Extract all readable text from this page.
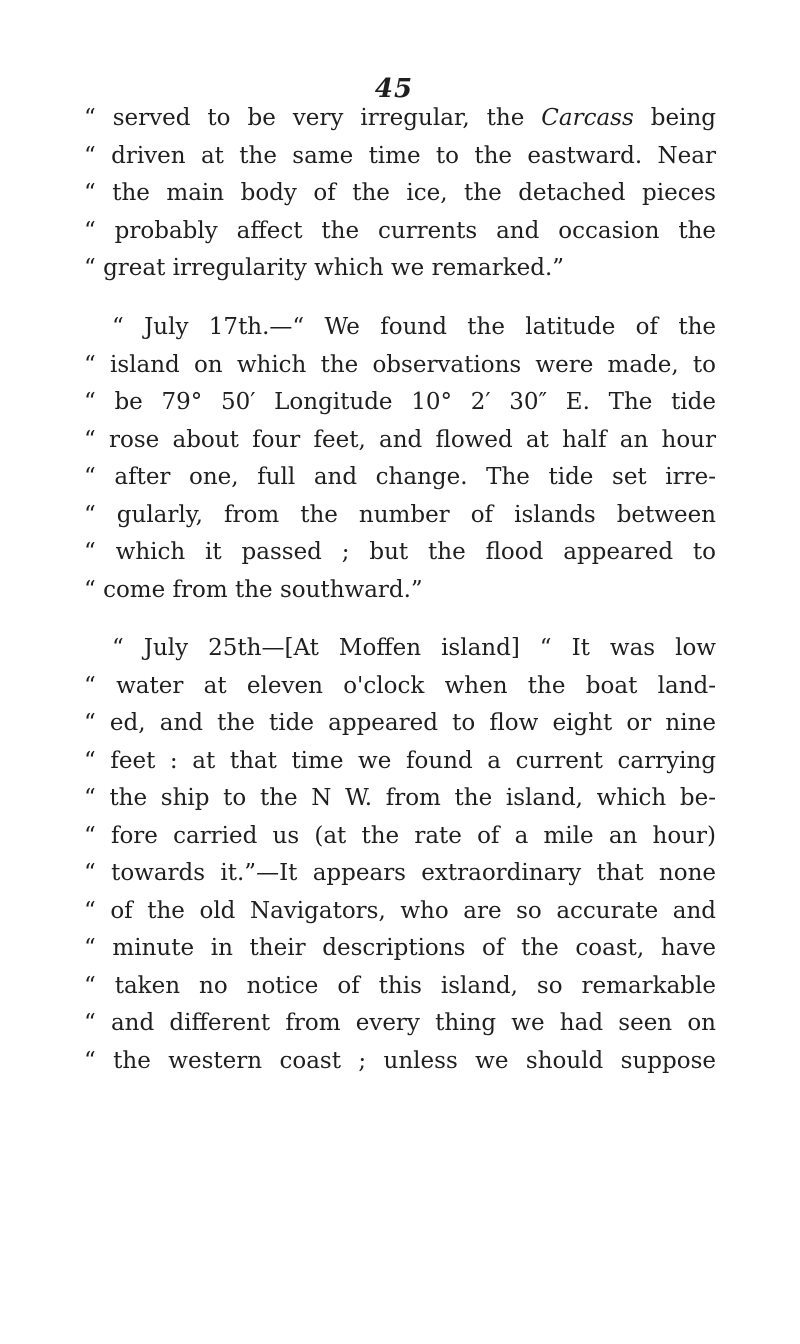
45
“ served to be very irregular, the Carcass being
“ driven at the same time to the eastward. Near
“ the main body of the ice, the detached pieces
“ probably affect the currents and occasion the
“ great irregularity which we remarked.”
“ July 17th.—“ We found the latitude of the
“ island on which the observations were made, to
“ be 79° 50′ Longitude 10° 2′ 30″ E. The tide
“ rose about four feet, and flowed at half an hour
“ after one, full and change. The tide set irre-
“ gularly, from the number of islands between
“ which it passed ; but the flood appeared to
“ come from the southward.”
“ July 25th—[At Moffen island] “ It was low
“ water at eleven o'clock when the boat land-
“ ed, and the tide appeared to flow eight or nine
“ feet : at that time we found a current carrying
“ the ship to the N W. from the island, which be-
“ fore carried us (at the rate of a mile an hour)
“ towards it.”—It appears extraordinary that none
“ of the old Navigators, who are so accurate and
“ minute in their descriptions of the coast, have
“ taken no notice of this island, so remarkable
“ and different from every thing we had seen on
“ the western coast ; unless we should suppose
